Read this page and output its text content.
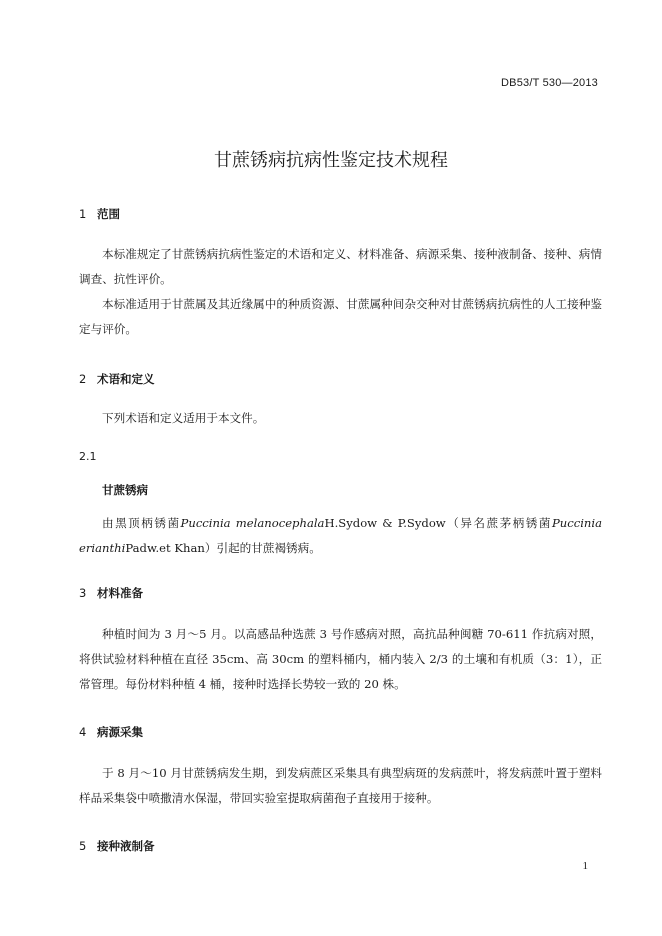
DB53/T 530—2013
甘蔗锈病抗病性鉴定技术规程
1 范围

本标准规定了甘蔗锈病抗病性鉴定的术语和定义、材料准备、病源采集、接种液制备、接种、病情调查、抗性评价。

本标准适用于甘蔗属及其近缘属中的种质资源、甘蔗属种间杂交种对甘蔗锈病抗病性的人工接种鉴定与评价。

2 术语和定义

下列术语和定义适用于本文件。

2.1
甘蔗锈病

由黑顶柄锈菌Puccinia melanocephalaH.Sydow & P.Sydow（异名蔗茅柄锈菌Puccinia erianthiPadw.et Khan）引起的甘蔗褐锈病。

3 材料准备

种植时间为 3 月～5 月。以高感品种选蔗 3 号作感病对照，高抗品种闽糖 70-611 作抗病对照，将供试验材料种植在直径 35cm、高 30cm 的塑料桶内，桶内装入 2/3 的土壤和有机质（3：1），正常管理。每份材料种植 4 桶，接种时选择长势较一致的 20 株。

4 病源采集

于 8 月～10 月甘蔗锈病发生期，到发病蔗区采集具有典型病斑的发病蔗叶，将发病蔗叶置于塑料样品采集袋中喷撒清水保湿，带回实验室提取病菌孢子直接用于接种。

5 接种液制备
1
